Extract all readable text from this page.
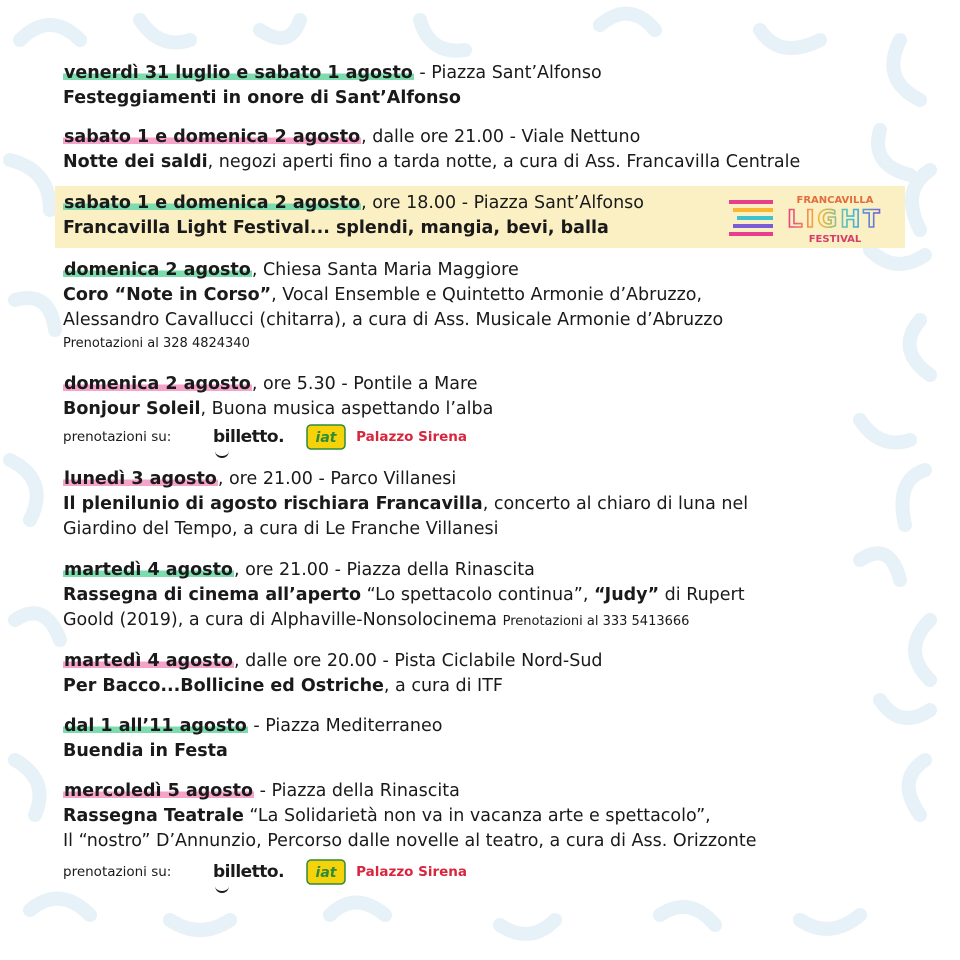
venerdì 31 luglio e sabato 1 agosto - Piazza Sant’Alfonso
Festeggiamenti in onore di Sant’Alfonso
sabato 1 e domenica 2 agosto, dalle ore 21.00 - Viale Nettuno
Notte dei saldi, negozi aperti fino a tarda notte, a cura di Ass. Francavilla Centrale
sabato 1 e domenica 2 agosto, ore 18.00 - Piazza Sant’Alfonso
Francavilla Light Festival... splendi, mangia, bevi, balla
FRANCAVILLA
LIGHT
FESTIVAL
domenica 2 agosto, Chiesa Santa Maria Maggiore
Coro “Note in Corso”, Vocal Ensemble e Quintetto Armonie d’Abruzzo,
Alessandro Cavallucci (chitarra), a cura di Ass. Musicale Armonie d’Abruzzo
Prenotazioni al 328 4824340
domenica 2 agosto, ore 5.30 - Pontile a Mare
Bonjour Soleil, Buona musica aspettando l’alba
prenotazioni su:	billetto. iat Palazzo Sirena
lunedì 3 agosto, ore 21.00 - Parco Villanesi
Il plenilunio di agosto rischiara Francavilla, concerto al chiaro di luna nel
Giardino del Tempo, a cura di Le Franche Villanesi
martedì 4 agosto, ore 21.00 - Piazza della Rinascita
Rassegna di cinema all’aperto “Lo spettacolo continua”, “Judy” di Rupert
Goold (2019), a cura di Alphaville-Nonsolocinema Prenotazioni al 333 5413666
martedì 4 agosto, dalle ore 20.00 - Pista Ciclabile Nord-Sud
Per Bacco...Bollicine ed Ostriche, a cura di ITF
dal 1 all’11 agosto - Piazza Mediterraneo
Buendia in Festa
mercoledì 5 agosto - Piazza della Rinascita
Rassegna Teatrale “La Solidarietà non va in vacanza arte e spettacolo”,
Il “nostro” D’Annunzio, Percorso dalle novelle al teatro, a cura di Ass. Orizzonte
prenotazioni su:	billetto. iat Palazzo Sirena
